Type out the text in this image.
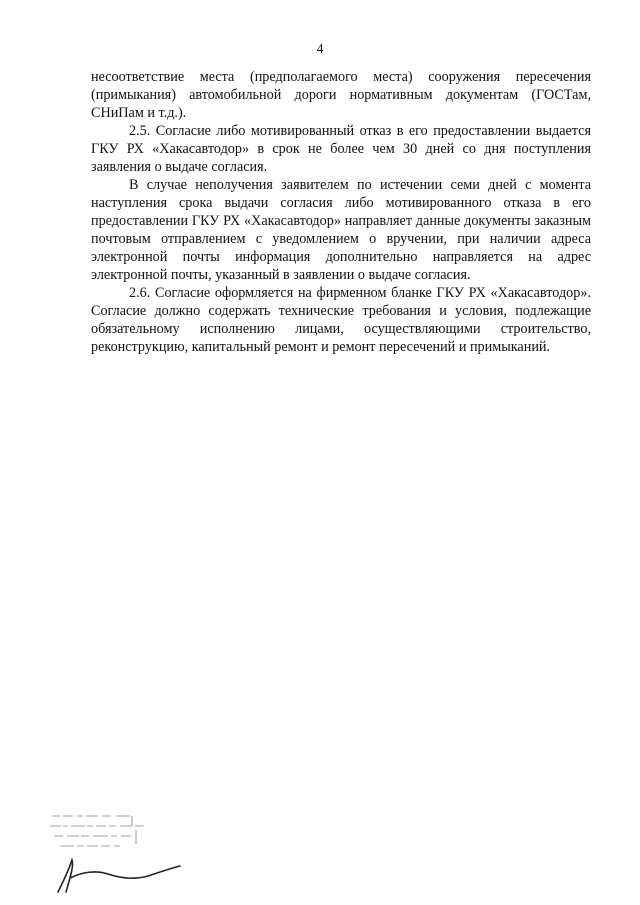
4

несоответствие места (предполагаемого места) сооружения пересечения (примыкания) автомобильной дороги нормативным документам (ГОСТам, СНиПам и т.д.).

2.5. Согласие либо мотивированный отказ в его предоставлении выдается ГКУ РХ «Хакасавтодор» в срок не более чем 30 дней со дня поступления заявления о выдаче согласия.

В случае неполучения заявителем по истечении семи дней с момента наступления срока выдачи согласия либо мотивированного отказа в его предоставлении ГКУ РХ «Хакасавтодор» направляет данные документы заказным почтовым отправлением с уведомлением о вручении, при наличии адреса электронной почты информация дополнительно направляется на адрес электронной почты, указанный в заявлении о выдаче согласия.

2.6. Согласие оформляется на фирменном бланке ГКУ РХ «Хакасавтодор». Согласие должно содержать технические требования и условия, подлежащие обязательному исполнению лицами, осуществляющими строительство, реконструкцию, капитальный ремонт и ремонт пересечений и примыканий.
